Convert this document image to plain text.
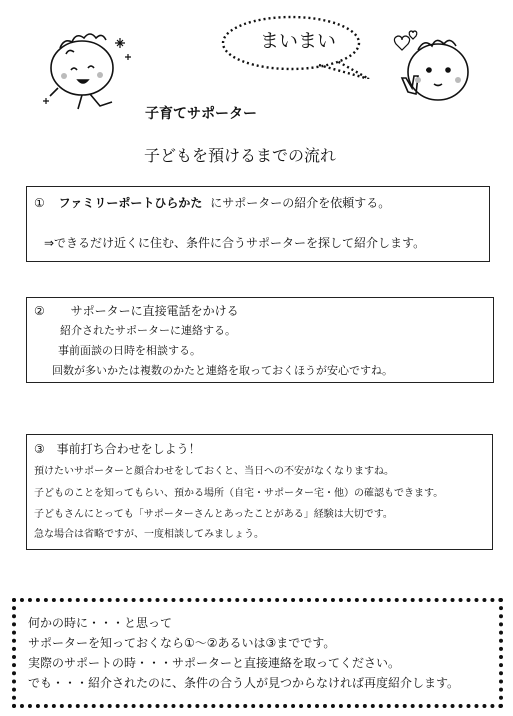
まいまい
子育てサポーター
子どもを預けるまでの流れ
① ファミリーポートひらかた にサポーターの紹介を依頼する。
⇒できるだけ近くに住む、条件に合うサポーターを探して紹介します。
② サポーターに直接電話をかける
紹介されたサポーターに連絡する。
事前面談の日時を相談する。
回数が多いかたは複数のかたと連絡を取っておくほうが安心ですね。
③ 事前打ち合わせをしよう！
預けたいサポーターと顔合わせをしておくと、当日への不安がなくなりますね。
子どものことを知ってもらい、預かる場所（自宅・サポーター宅・他）の確認もできます。
子どもさんにとっても「サポーターさんとあったことがある」経験は大切です。
急な場合は省略ですが、一度相談してみましょう。
何かの時に・・・と思って
サポーターを知っておくなら①～②あるいは③までです。
実際のサポートの時・・・サポーターと直接連絡を取ってください。
でも・・・紹介されたのに、条件の合う人が見つからなければ再度紹介します。
